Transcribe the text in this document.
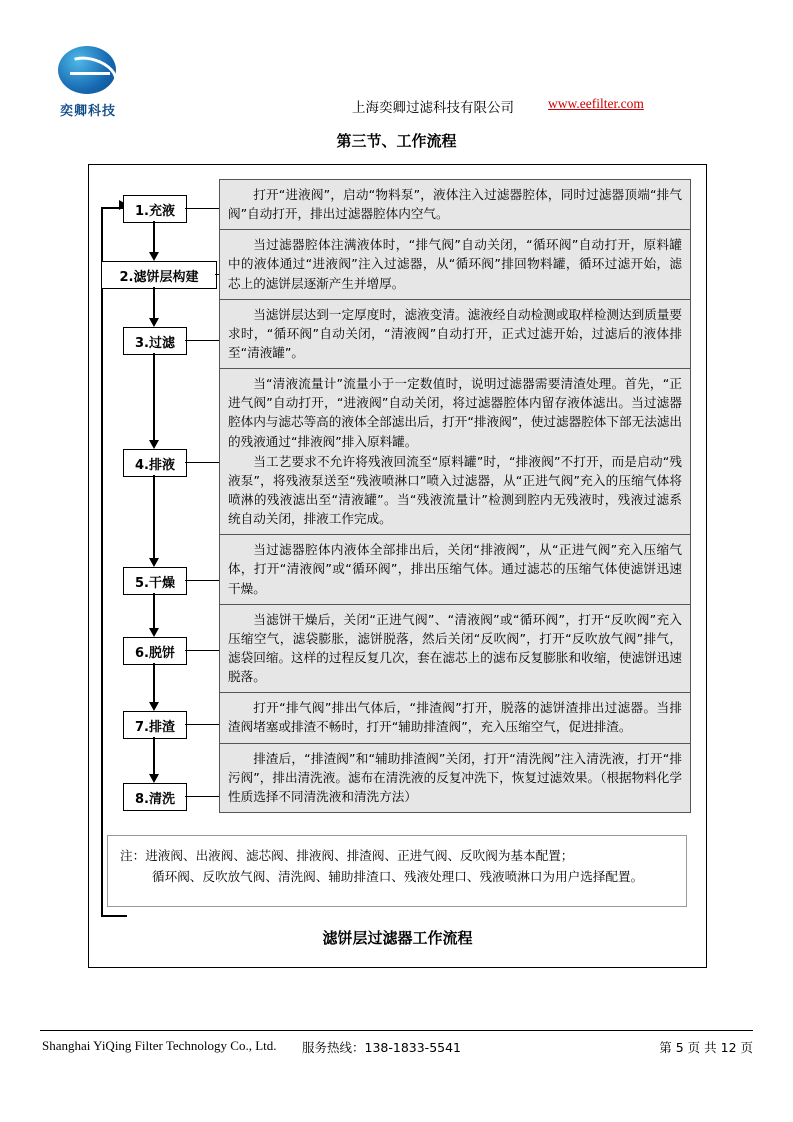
奕卿科技	上海奕卿过滤科技有限公司	www.eefilter.com
第三节、工作流程
1.充液
2.滤饼层构建
3.过滤
4.排液
5.干燥
6.脱饼
7.排渣
8.清洗

打开“进液阀”，启动“物料泵”，液体注入过滤器腔体，同时过滤器顶端“排气阀”自动打开，排出过滤器腔体内空气。

当过滤器腔体注满液体时，“排气阀”自动关闭，“循环阀”自动打开，原料罐中的液体通过“进液阀”注入过滤器，从“循环阀”排回物料罐，循环过滤开始，滤芯上的滤饼层逐渐产生并增厚。

当滤饼层达到一定厚度时，滤液变清。滤液经自动检测或取样检测达到质量要求时，“循环阀”自动关闭，“清液阀”自动打开，正式过滤开始，过滤后的液体排至“清液罐”。

当“清液流量计”流量小于一定数值时，说明过滤器需要清渣处理。首先，“正进气阀”自动打开，“进液阀”自动关闭，将过滤器腔体内留存液体滤出。当过滤器腔体内与滤芯等高的液体全部滤出后，打开“排液阀”，使过滤器腔体下部无法滤出的残液通过“排液阀”排入原料罐。

当工艺要求不允许将残液回流至“原料罐”时，“排液阀”不打开，而是启动“残液泵”，将残液泵送至“残液喷淋口”喷入过滤器，从“正进气阀”充入的压缩气体将喷淋的残液滤出至“清液罐”。当“残液流量计”检测到腔内无残液时，残液过滤系统自动关闭，排液工作完成。

当过滤器腔体内液体全部排出后，关闭“排液阀”，从“正进气阀”充入压缩气体，打开“清液阀”或“循环阀”，排出压缩气体。通过滤芯的压缩气体使滤饼迅速干燥。

当滤饼干燥后，关闭“正进气阀”、“清液阀”或“循环阀”，打开“反吹阀”充入压缩空气，滤袋膨胀，滤饼脱落，然后关闭“反吹阀”，打开“反吹放气阀”排气，滤袋回缩。这样的过程反复几次，套在滤芯上的滤布反复膨胀和收缩，使滤饼迅速脱落。

打开“排气阀”排出气体后，“排渣阀”打开，脱落的滤饼渣排出过滤器。当排渣阀堵塞或排渣不畅时，打开“辅助排渣阀”，充入压缩空气，促进排渣。

排渣后，“排渣阀”和“辅助排渣阀”关闭，打开“清洗阀”注入清洗液，打开“排污阀”，排出清洗液。滤布在清洗液的反复冲洗下，恢复过滤效果。（根据物料化学性质选择不同清洗液和清洗方法）

注：进液阀、出液阀、滤芯阀、排液阀、排渣阀、正进气阀、反吹阀为基本配置；
循环阀、反吹放气阀、清洗阀、辅助排渣口、残液处理口、残液喷淋口为用户选择配置。
滤饼层过滤器工作流程
Shanghai YiQing Filter Technology Co., Ltd. 服务热线：138-1833-5541	第 5 页 共 12 页
